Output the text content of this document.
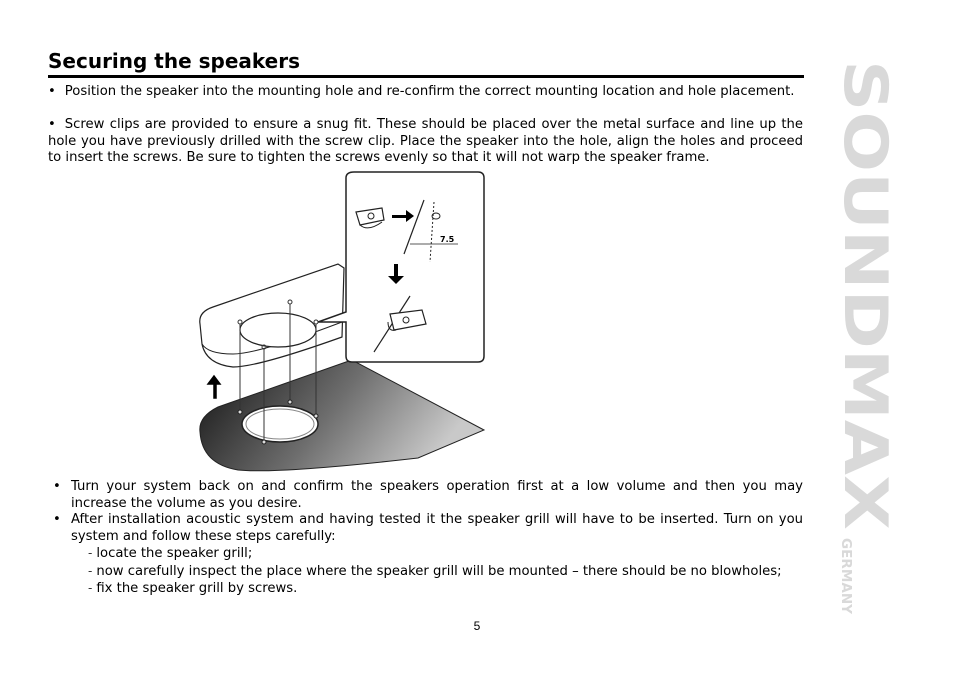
Securing the speakers

• Position the speaker into the mounting hole and re-confirm the correct mounting location and hole placement.

• Screw clips are provided to ensure a snug fit. These should be placed over the metal surface and line up the hole you have previously drilled with the screw clip. Place the speaker into the hole, align the holes and proceed to insert the screws. Be sure to tighten the screws evenly so that it will not warp the speaker frame.

7.5
• Turn your system back on and confirm the speakers operation first at a low volume and then you may increase the volume as you desire.
• After installation acoustic system and having tested it the speaker grill will have to be inserted. Turn on you system and follow these steps carefully:
- locate the speaker grill;
- now carefully inspect the place where the speaker grill will be mounted – there should be no blowholes;
- fix the speaker grill by screws.
5
SOUNDMAX
GERMANY
